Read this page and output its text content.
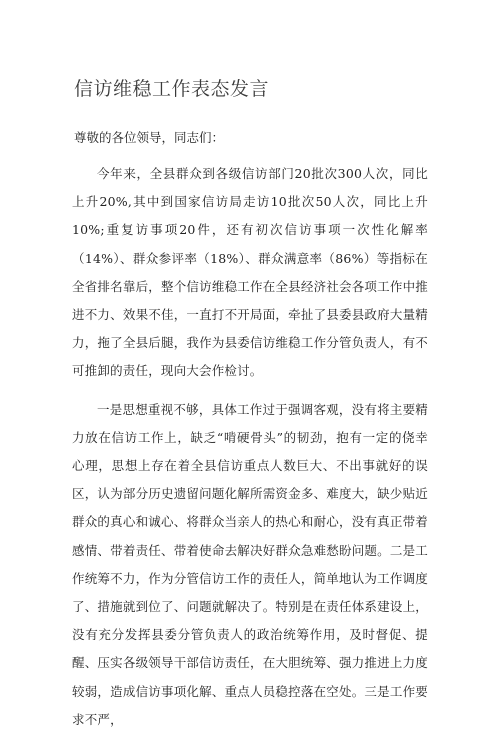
信访维稳工作表态发言

尊敬的各位领导，同志们：

今年来，全县群众到各级信访部门20批次300人次，同比上升20%,其中到国家信访局走访10批次50人次，同比上升10%;重复访事项20件，还有初次信访事项一次性化解率（14%）、群众参评率（18%）、群众满意率（86%）等指标在全省排名靠后，整个信访维稳工作在全县经济社会各项工作中推进不力、效果不佳，一直打不开局面，牵扯了县委县政府大量精力，拖了全县后腿，我作为县委信访维稳工作分管负责人，有不可推卸的责任，现向大会作检讨。

一是思想重视不够，具体工作过于强调客观，没有将主要精力放在信访工作上，缺乏“啃硬骨头”的韧劲，抱有一定的侥幸心理，思想上存在着全县信访重点人数巨大、不出事就好的误区，认为部分历史遗留问题化解所需资金多、难度大，缺少贴近群众的真心和诚心、将群众当亲人的热心和耐心，没有真正带着感情、带着责任、带着使命去解决好群众急难愁盼问题。二是工作统筹不力，作为分管信访工作的责任人，简单地认为工作调度了、措施就到位了、问题就解决了。特别是在责任体系建设上，没有充分发挥县委分管负责人的政治统筹作用，及时督促、提醒、压实各级领导干部信访责任，在大胆统筹、强力推进上力度较弱，造成信访事项化解、重点人员稳控落在空处。三是工作要求不严，
